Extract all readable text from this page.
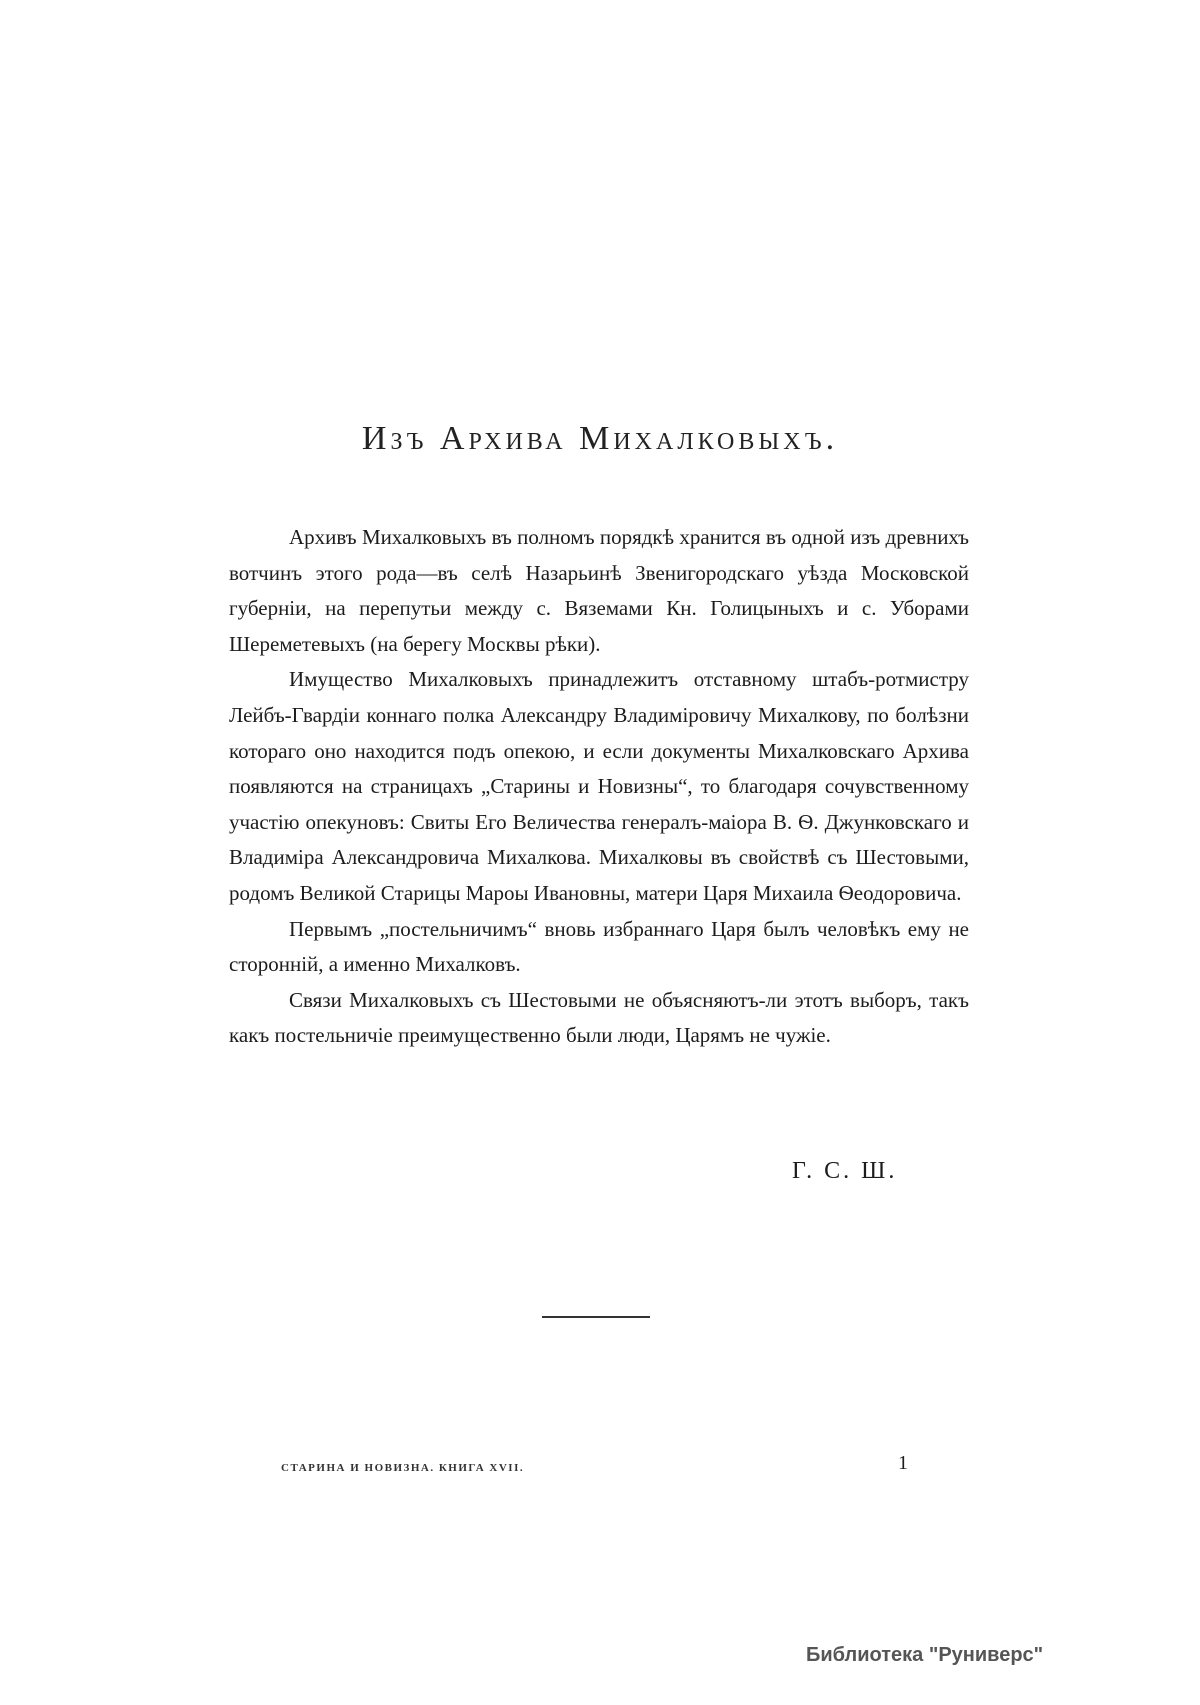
Изъ Архива Михалковыхъ.

Архивъ Михалковыхъ въ полномъ порядкѣ хранится въ одной изъ древнихъ вотчинъ этого рода—въ селѣ Назарьинѣ Звенигородскаго уѣзда Московской губерніи, на перепутьи между с. Вяземами Кн. Голицыныхъ и с. Уборами Шереметевыхъ (на берегу Москвы рѣки).

Имущество Михалковыхъ принадлежитъ отставному штабъ-ротмистру Лейбъ-Гвардіи коннаго полка Александру Владиміровичу Михалкову, по болѣзни котораго оно находится подъ опекою, и если документы Михалковскаго Архива появляются на страницахъ „Старины и Новизны“, то благодаря сочувственному участію опекуновъ: Свиты Его Величества генералъ-маіора В. Ѳ. Джунковскаго и Владиміра Александровича Михалкова. Михалковы въ свойствѣ съ Шестовыми, родомъ Великой Старицы Мароы Ивановны, матери Царя Михаила Ѳеодоровича.

Первымъ „постельничимъ“ вновь избраннаго Царя былъ человѣкъ ему не сторонній, а именно Михалковъ.

Связи Михалковыхъ съ Шестовыми не объясняютъ-ли этотъ выборъ, такъ какъ постельничіе преимущественно были люди, Царямъ не чужіе.

Г. С. Ш.
СТАРИНА И НОВИЗНА. КНИГА XVII.	1
Библиотека "Руниверс"
